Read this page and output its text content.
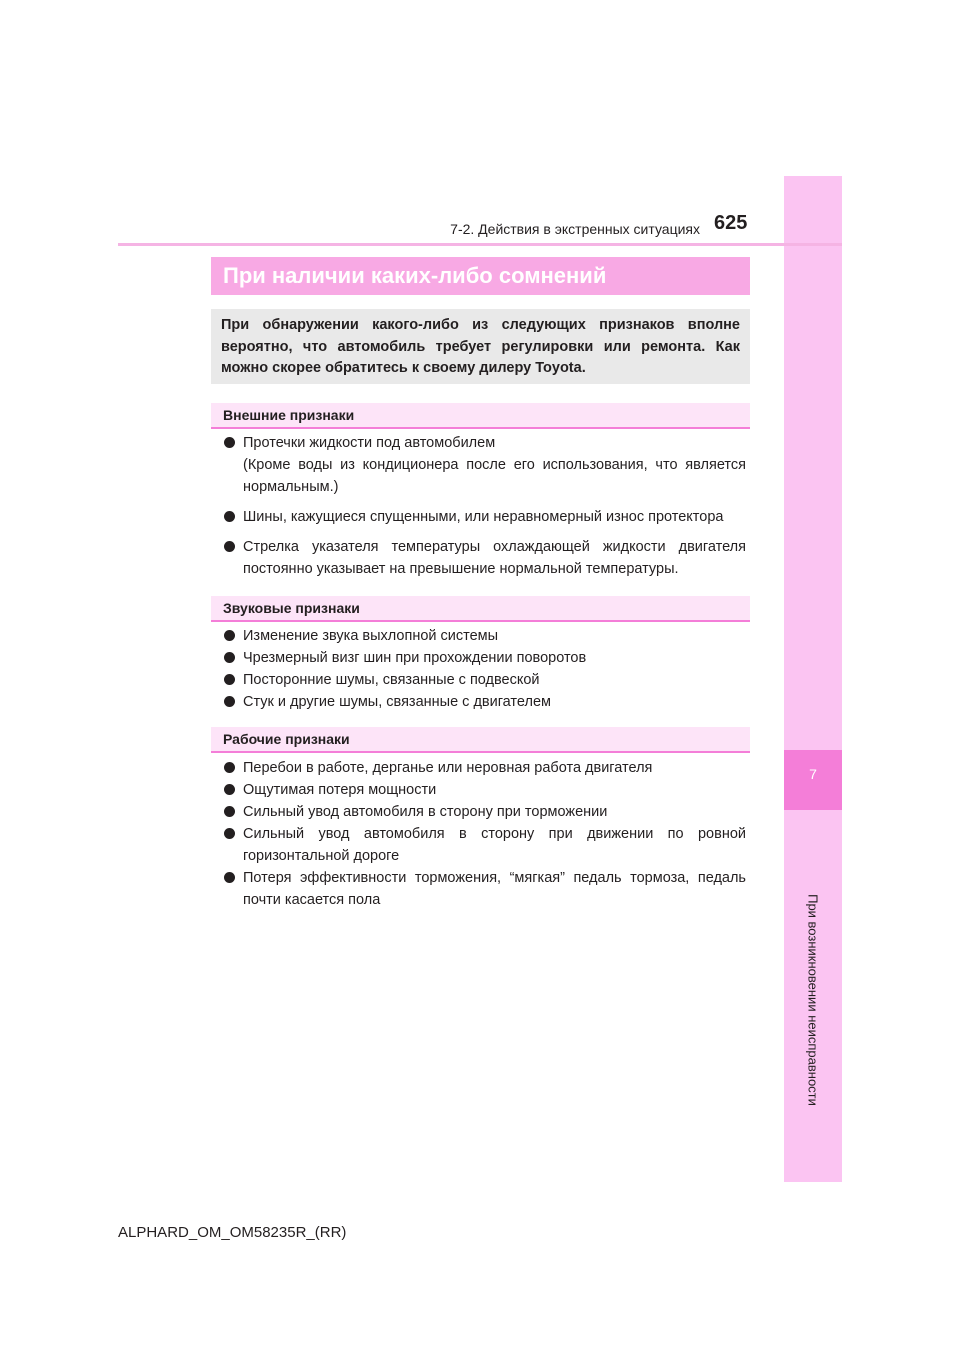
7
При возникновении неисправности
7-2. Действия в экстренных ситуациях 625
При наличии каких-либо сомнений
При обнаружении какого-либо из следующих признаков вполне вероятно, что автомобиль требует регулировки или ремонта. Как можно скорее обратитесь к своему дилеру Toyota.
Внешние признаки
Протечки жидкости под автомобилем
(Кроме воды из кондиционера после его использования, что является нормальным.)
Шины, кажущиеся спущенными, или неравномерный износ протектора
Стрелка указателя температуры охлаждающей жидкости двигателя постоянно указывает на превышение нормальной температуры.
Звуковые признаки
Изменение звука выхлопной системы
Чрезмерный визг шин при прохождении поворотов
Посторонние шумы, связанные с подвеской
Стук и другие шумы, связанные с двигателем
Рабочие признаки
Перебои в работе, дерганье или неровная работа двигателя
Ощутимая потеря мощности
Сильный увод автомобиля в сторону при торможении
Сильный увод автомобиля в сторону при движении по ровной горизонтальной дороге
Потеря эффективности торможения, “мягкая” педаль тормоза, педаль почти касается пола
ALPHARD_OM_OM58235R_(RR)
